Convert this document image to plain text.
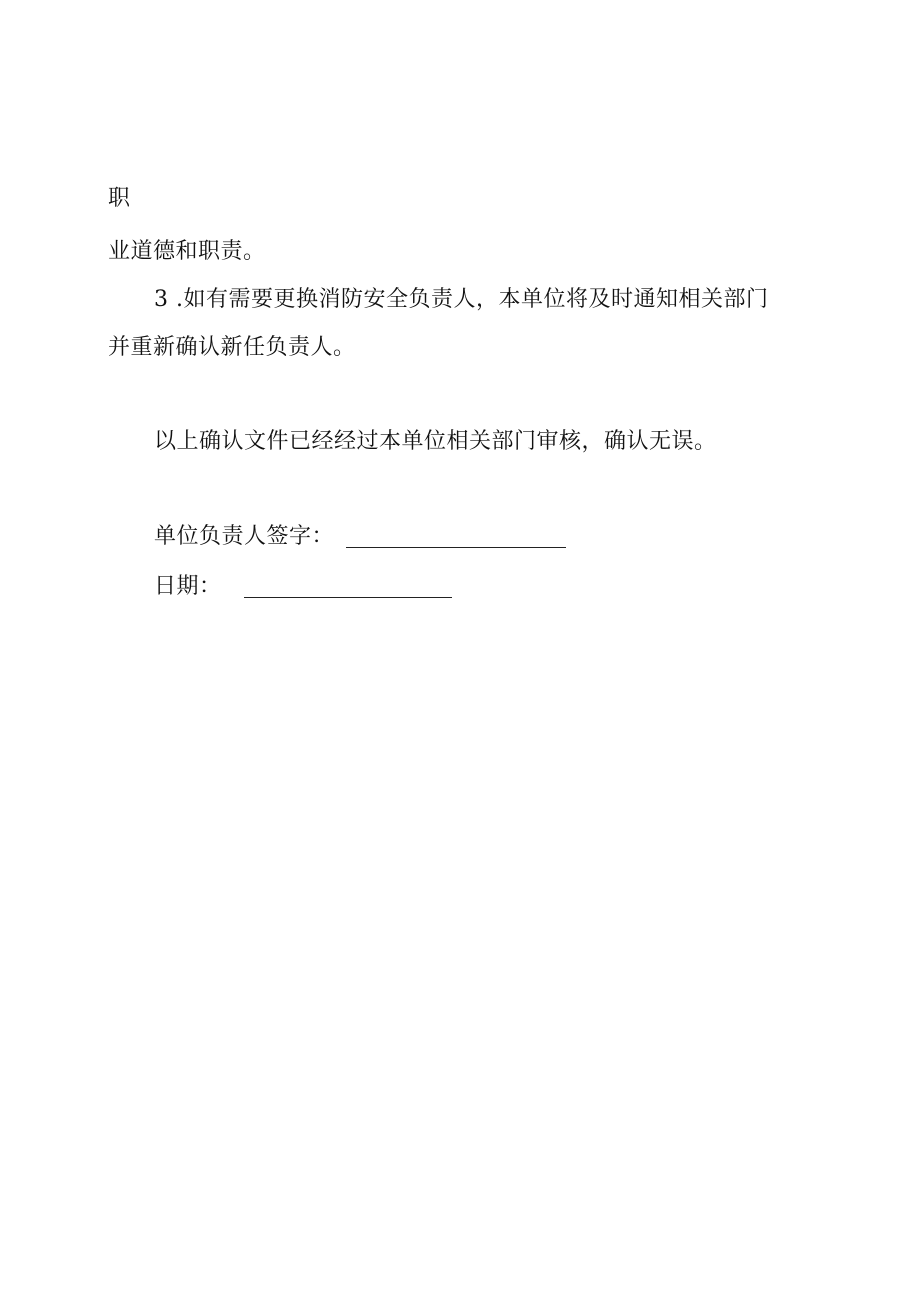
职

业道德和职责。

3 .如有需要更换消防安全负责人，本单位将及时通知相关部门

并重新确认新任负责人。

以上确认文件已经经过本单位相关部门审核，确认无误。

单位负责人签字：
日期：
